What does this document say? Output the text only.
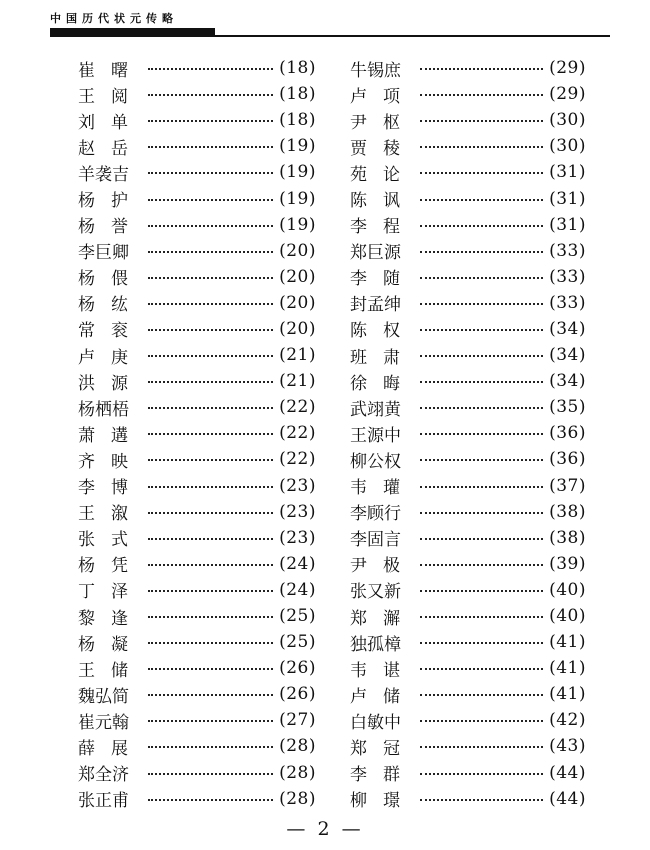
中国历代状元传略
崔曙	(18)
王阅	(18)
刘单	(18)
赵岳	(19)
羊袭吉	(19)
杨护	(19)
杨誉	(19)
李巨卿	(20)
杨偎	(20)
杨纮	(20)
常衮	(20)
卢庚	(21)
洪源	(21)
杨栖梧	(22)
萧遘	(22)
齐映	(22)
李博	(23)
王溆	(23)
张式	(23)
杨凭	(24)
丁泽	(24)
黎逢	(25)
杨凝	(25)
王储	(26)
魏弘简	(26)
崔元翰	(27)
薛展	(28)
郑全济	(28)
张正甫	(28)
牛锡庶	(29)
卢项	(29)
尹枢	(30)
贾稜	(30)
苑论	(31)
陈讽	(31)
李程	(31)
郑巨源	(33)
李随	(33)
封孟绅	(33)
陈权	(34)
班肃	(34)
徐晦	(34)
武翊黄	(35)
王源中	(36)
柳公权	(36)
韦瓘	(37)
李顾行	(38)
李固言	(38)
尹极	(39)
张又新	(40)
郑澥	(40)
独孤樟	(41)
韦谌	(41)
卢储	(41)
白敏中	(42)
郑冠	(43)
李群	(44)
柳璟	(44)
— 2 —
